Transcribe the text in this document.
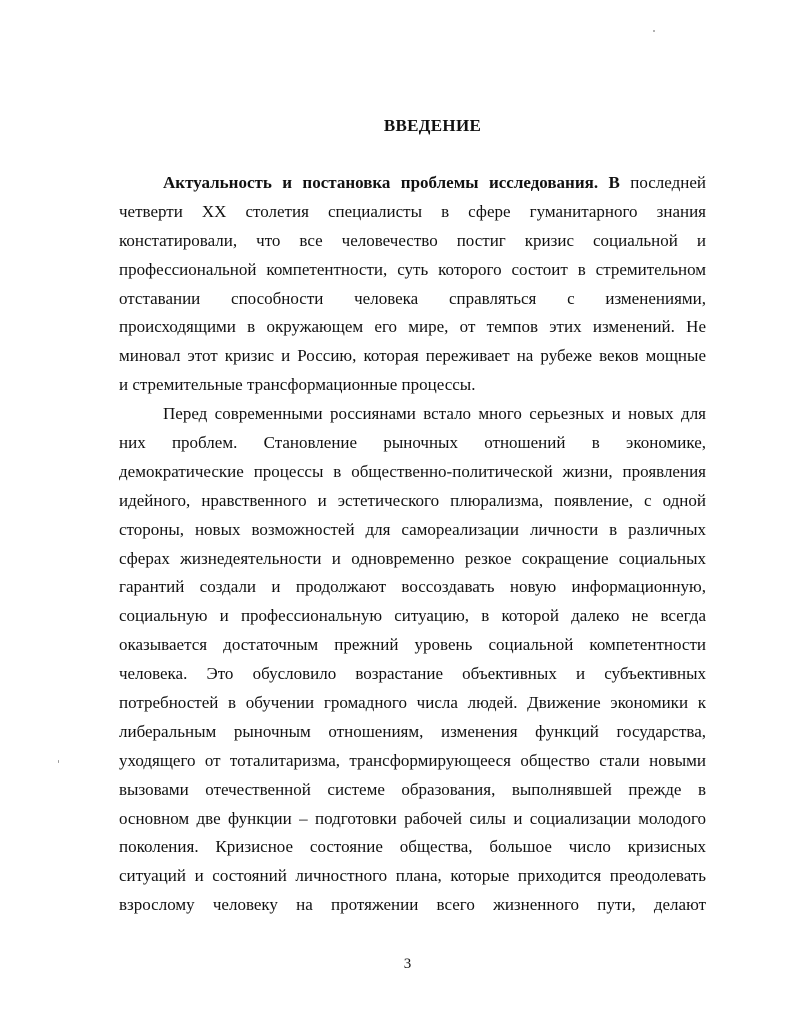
ВВЕДЕНИЕ
Актуальность и постановка проблемы исследования. В последней
четверти ХХ столетия специалисты в сфере гуманитарного знания
констатировали, что все человечество постиг кризис социальной и
профессиональной компетентности, суть которого состоит в стремительном
отставании способности человека справляться с изменениями,
происходящими в окружающем его мире, от темпов этих изменений. Не
миновал этот кризис и Россию, которая переживает на рубеже веков мощные
и стремительные трансформационные процессы.
Перед современными россиянами встало много серьезных и новых для
них проблем. Становление рыночных отношений в экономике,
демократические процессы в общественно-политической жизни, проявления
идейного, нравственного и эстетического плюрализма, появление, с одной
стороны, новых возможностей для самореализации личности в различных
сферах жизнедеятельности и одновременно резкое сокращение социальных
гарантий создали и продолжают воссоздавать новую информационную,
социальную и профессиональную ситуацию, в которой далеко не всегда
оказывается достаточным прежний уровень социальной компетентности
человека. Это обусловило возрастание объективных и субъективных
потребностей в обучении громадного числа людей. Движение экономики к
либеральным рыночным отношениям, изменения функций государства,
уходящего от тоталитаризма, трансформирующееся общество стали новыми
вызовами отечественной системе образования, выполнявшей прежде в
основном две функции – подготовки рабочей силы и социализации молодого
поколения. Кризисное состояние общества, большое число кризисных
ситуаций и состояний личностного плана, которые приходится преодолевать
взрослому человеку на протяжении всего жизненного пути, делают
3
